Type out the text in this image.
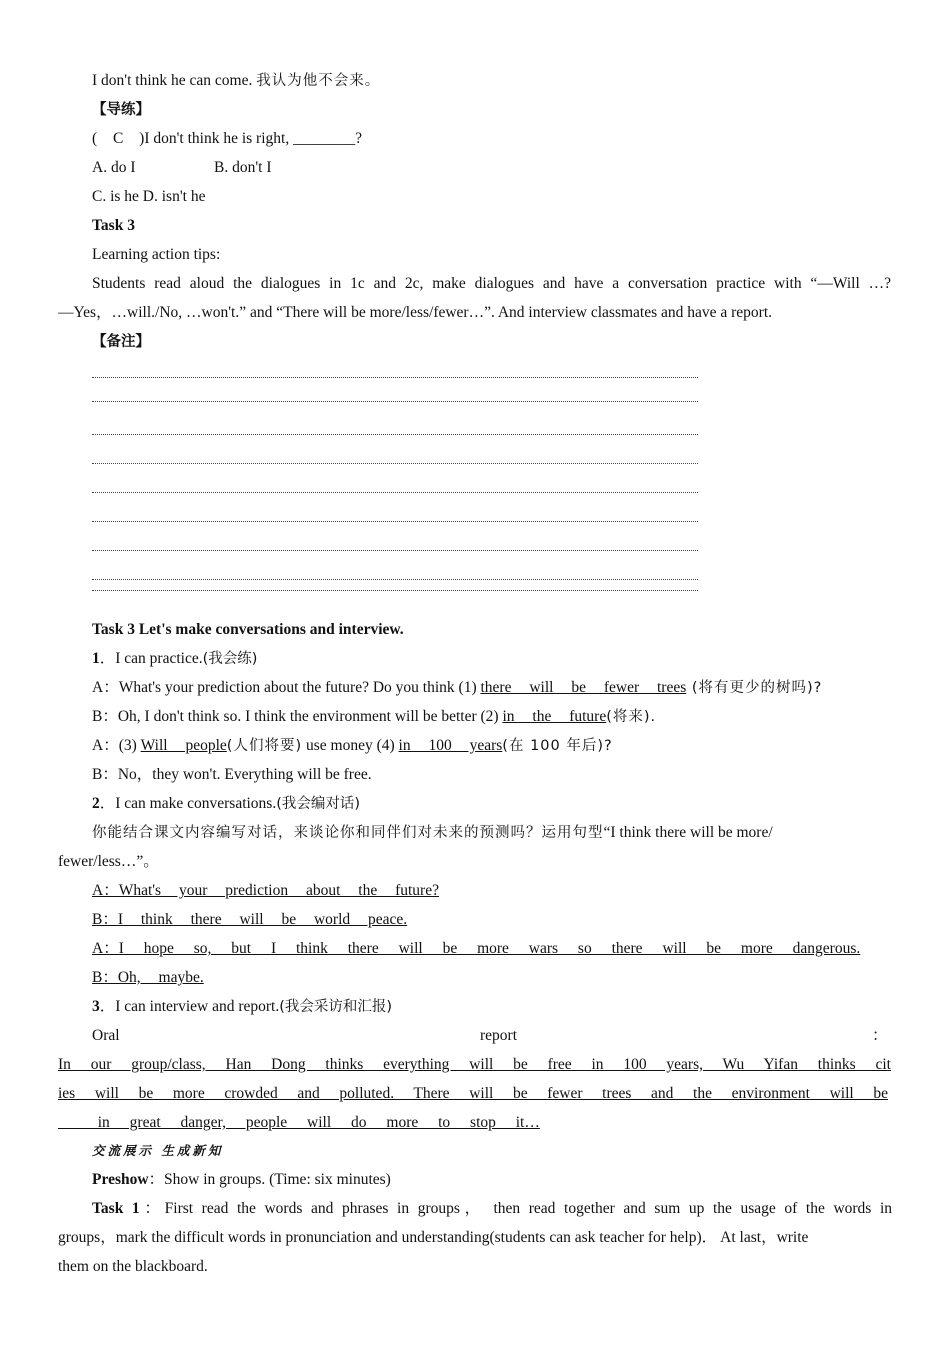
I don't think he can come. 我认为他不会来。
【导练】
( C )I don't think he is right, ________?
A. do I	B. don't I
C. is he D. isn't he
Task 3
Learning action tips:
Students read aloud the dialogues in 1c and 2c, make dialogues and have a conversation practice with “—Will …?
—Yes，…will./No, …won't.” and “There will be more/less/fewer…”. And interview classmates and have a report.
【备注】
Task 3 Let's make conversations and interview.
1．I can practice.(我会练)
A：What's your prediction about the future? Do you think (1) there will be fewer trees (将有更少的树吗)?
B：Oh, I don't think so. I think the environment will be better (2) in the future(将来).
A：(3) Will people(人们将要) use money (4) in 100 years(在 100 年后)?
B：No，they won't. Everything will be free.
2．I can make conversations.(我会编对话)
你能结合课文内容编写对话，来谈论你和同伴们对未来的预测吗？运用句型“I think there will be more/
fewer/less…”。
A：What's your prediction about the future?
B：I think there will be world peace.
A：I hope so, but I think there will be more wars so there will be more dangerous.
B：Oh, maybe.
3．I can interview and report.(我会采访和汇报)
Oral	report	：
In our group/class, Han Dong thinks everything will be free in 100 years, Wu Yifan thinks cit
ies will be more crowded and polluted. There will be fewer trees and the environment will be
in great danger, people will do more to stop it…
交流展示 生成新知
Preshow：Show in groups. (Time: six minutes)
Task 1：First read the words and phrases in groups， then read together and sum up the usage of the words in
groups，mark the difficult words in pronunciation and understanding(students can ask teacher for help)． At last，write
them on the blackboard.
